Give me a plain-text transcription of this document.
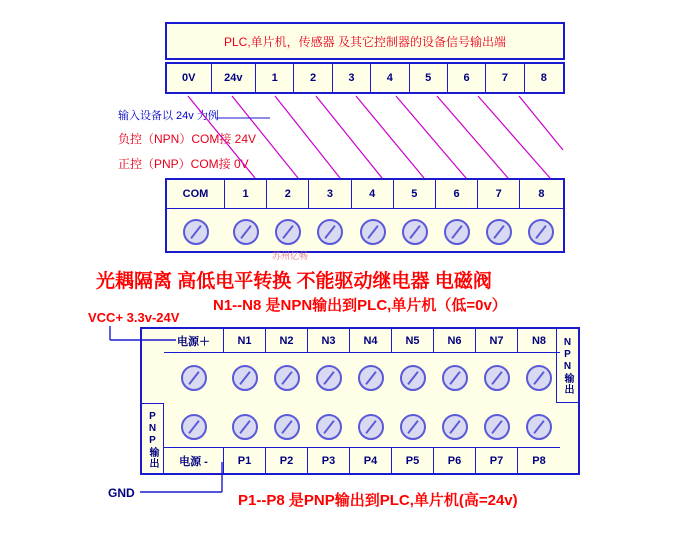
PLC,单片机，传感器 及其它控制器的设备信号输出端
0V	24v	1	2	3	4	5	6	7	8
输入设备以 24v 为例
负控（NPN）COM接 24V
正控（PNP）COM接 0V
COM	1	2	3	4	5	6	7	8
苏州亿畅
光耦隔离 高低电平转换 不能驱动继电器 电磁阀
N1--N8 是NPN输出到PLC,单片机（低=0v）
VCC+ 3.3v-24V
GND
PNP输出
NPN输出
电源＋	N1	N2	N3	N4	N5	N6	N7	N8
电源 -	P1	P2	P3	P4	P5	P6	P7	P8
P1--P8 是PNP输出到PLC,单片机(高=24v)
